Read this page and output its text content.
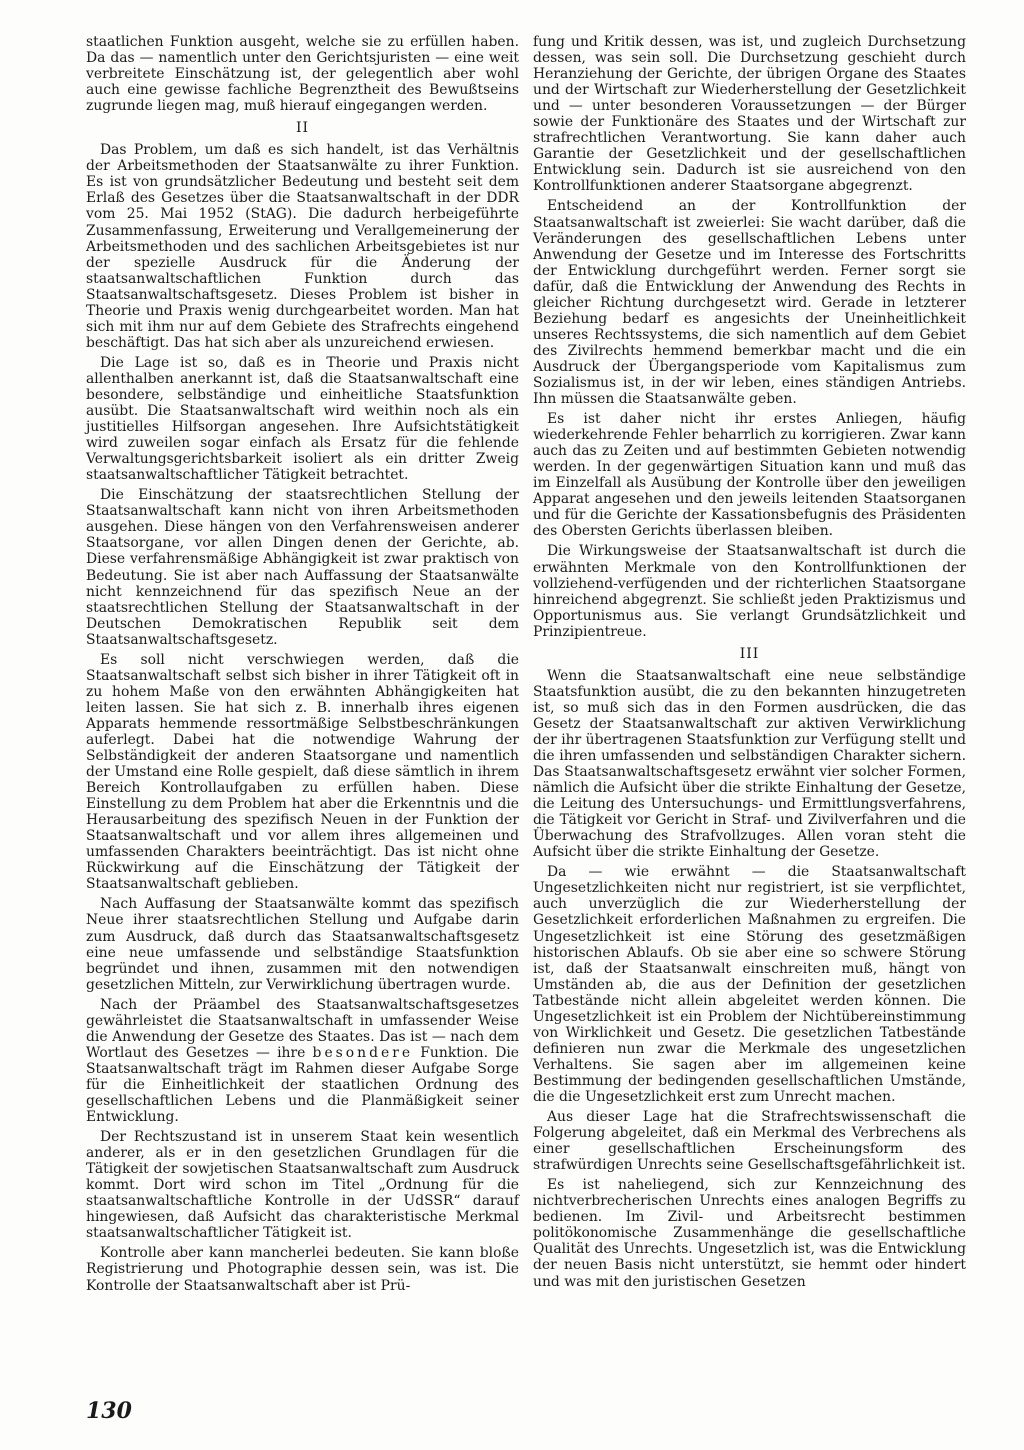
staatlichen Funktion ausgeht, welche sie zu erfüllen haben. Da das — namentlich unter den Gerichtsjuristen — eine weit verbreitete Einschätzung ist, der gelegentlich aber wohl auch eine gewisse fachliche Begrenztheit des Bewußtseins zugrunde liegen mag, muß hierauf eingegangen werden.

II

Das Problem, um daß es sich handelt, ist das Verhältnis der Arbeitsmethoden der Staatsanwälte zu ihrer Funktion. Es ist von grundsätzlicher Bedeutung und besteht seit dem Erlaß des Gesetzes über die Staatsanwaltschaft in der DDR vom 25. Mai 1952 (StAG). Die dadurch herbeigeführte Zusammenfassung, Erweiterung und Verallgemeinerung der Arbeitsmethoden und des sachlichen Arbeitsgebietes ist nur der spezielle Ausdruck für die Änderung der staatsanwaltschaftlichen Funktion durch das Staatsanwaltschaftsgesetz. Dieses Problem ist bisher in Theorie und Praxis wenig durchgearbeitet worden. Man hat sich mit ihm nur auf dem Gebiete des Strafrechts eingehend beschäftigt. Das hat sich aber als unzureichend erwiesen.

Die Lage ist so, daß es in Theorie und Praxis nicht allenthalben anerkannt ist, daß die Staatsanwaltschaft eine besondere, selbständige und einheitliche Staatsfunktion ausübt. Die Staatsanwaltschaft wird weithin noch als ein justitielles Hilfsorgan angesehen. Ihre Aufsichtstätigkeit wird zuweilen sogar einfach als Ersatz für die fehlende Verwaltungsgerichtsbarkeit isoliert als ein dritter Zweig staatsanwaltschaftlicher Tätigkeit betrachtet.

Die Einschätzung der staatsrechtlichen Stellung der Staatsanwaltschaft kann nicht von ihren Arbeitsmethoden ausgehen. Diese hängen von den Verfahrensweisen anderer Staatsorgane, vor allen Dingen denen der Gerichte, ab. Diese verfahrensmäßige Abhängigkeit ist zwar praktisch von Bedeutung. Sie ist aber nach Auffassung der Staatsanwälte nicht kennzeichnend für das spezifisch Neue an der staatsrechtlichen Stellung der Staatsanwaltschaft in der Deutschen Demokratischen Republik seit dem Staatsanwaltschaftsgesetz.

Es soll nicht verschwiegen werden, daß die Staatsanwaltschaft selbst sich bisher in ihrer Tätigkeit oft in zu hohem Maße von den erwähnten Abhängigkeiten hat leiten lassen. Sie hat sich z. B. innerhalb ihres eigenen Apparats hemmende ressortmäßige Selbstbeschränkungen auferlegt. Dabei hat die notwendige Wahrung der Selbständigkeit der anderen Staatsorgane und namentlich der Umstand eine Rolle gespielt, daß diese sämtlich in ihrem Bereich Kontrollaufgaben zu erfüllen haben. Diese Einstellung zu dem Problem hat aber die Erkenntnis und die Herausarbeitung des spezifisch Neuen in der Funktion der Staatsanwaltschaft und vor allem ihres allgemeinen und umfassenden Charakters beeinträchtigt. Das ist nicht ohne Rückwirkung auf die Einschätzung der Tätigkeit der Staatsanwaltschaft geblieben.

Nach Auffasung der Staatsanwälte kommt das spezifisch Neue ihrer staatsrechtlichen Stellung und Aufgabe darin zum Ausdruck, daß durch das Staatsanwaltschaftsgesetz eine neue umfassende und selbständige Staatsfunktion begründet und ihnen, zusammen mit den notwendigen gesetzlichen Mitteln, zur Verwirklichung übertragen wurde.

Nach der Präambel des Staatsanwaltschaftsgesetzes gewährleistet die Staatsanwaltschaft in umfassender Weise die Anwendung der Gesetze des Staates. Das ist — nach dem Wortlaut des Gesetzes — ihre besondere Funktion. Die Staatsanwaltschaft trägt im Rahmen dieser Aufgabe Sorge für die Einheitlichkeit der staatlichen Ordnung des gesellschaftlichen Lebens und die Planmäßigkeit seiner Entwicklung.

Der Rechtszustand ist in unserem Staat kein wesentlich anderer, als er in den gesetzlichen Grundlagen für die Tätigkeit der sowjetischen Staatsanwaltschaft zum Ausdruck kommt. Dort wird schon im Titel „Ordnung für die staatsanwaltschaftliche Kontrolle in der UdSSR“ darauf hingewiesen, daß Aufsicht das charakteristische Merkmal staatsanwaltschaftlicher Tätigkeit ist.

Kontrolle aber kann mancherlei bedeuten. Sie kann bloße Registrierung und Photographie dessen sein, was ist. Die Kontrolle der Staatsanwaltschaft aber ist Prü-

fung und Kritik dessen, was ist, und zugleich Durchsetzung dessen, was sein soll. Die Durchsetzung geschieht durch Heranziehung der Gerichte, der übrigen Organe des Staates und der Wirtschaft zur Wiederherstellung der Gesetzlichkeit und — unter besonderen Voraussetzungen — der Bürger sowie der Funktionäre des Staates und der Wirtschaft zur strafrechtlichen Verantwortung. Sie kann daher auch Garantie der Gesetzlichkeit und der gesellschaftlichen Entwicklung sein. Dadurch ist sie ausreichend von den Kontrollfunktionen anderer Staatsorgane abgegrenzt.

Entscheidend an der Kontrollfunktion der Staatsanwaltschaft ist zweierlei: Sie wacht darüber, daß die Veränderungen des gesellschaftlichen Lebens unter Anwendung der Gesetze und im Interesse des Fortschritts der Entwicklung durchgeführt werden. Ferner sorgt sie dafür, daß die Entwicklung der Anwendung des Rechts in gleicher Richtung durchgesetzt wird. Gerade in letzterer Beziehung bedarf es angesichts der Uneinheitlichkeit unseres Rechtssystems, die sich namentlich auf dem Gebiet des Zivilrechts hemmend bemerkbar macht und die ein Ausdruck der Übergangsperiode vom Kapitalismus zum Sozialismus ist, in der wir leben, eines ständigen Antriebs. Ihn müssen die Staatsanwälte geben.

Es ist daher nicht ihr erstes Anliegen, häufig wiederkehrende Fehler beharrlich zu korrigieren. Zwar kann auch das zu Zeiten und auf bestimmten Gebieten notwendig werden. In der gegenwärtigen Situation kann und muß das im Einzelfall als Ausübung der Kontrolle über den jeweiligen Apparat angesehen und den jeweils leitenden Staatsorganen und für die Gerichte der Kassationsbefugnis des Präsidenten des Obersten Gerichts überlassen bleiben.

Die Wirkungsweise der Staatsanwaltschaft ist durch die erwähnten Merkmale von den Kontrollfunktionen der vollziehend-verfügenden und der richterlichen Staatsorgane hinreichend abgegrenzt. Sie schließt jeden Praktizismus und Opportunismus aus. Sie verlangt Grundsätzlichkeit und Prinzipientreue.

III

Wenn die Staatsanwaltschaft eine neue selbständige Staatsfunktion ausübt, die zu den bekannten hinzugetreten ist, so muß sich das in den Formen ausdrücken, die das Gesetz der Staatsanwaltschaft zur aktiven Verwirklichung der ihr übertragenen Staatsfunktion zur Verfügung stellt und die ihren umfassenden und selbständigen Charakter sichern. Das Staatsanwaltschaftsgesetz erwähnt vier solcher Formen, nämlich die Aufsicht über die strikte Einhaltung der Gesetze, die Leitung des Untersuchungs- und Ermittlungsverfahrens, die Tätigkeit vor Gericht in Straf- und Zivilverfahren und die Überwachung des Strafvollzuges. Allen voran steht die Aufsicht über die strikte Einhaltung der Gesetze.

Da — wie erwähnt — die Staatsanwaltschaft Ungesetzlichkeiten nicht nur registriert, ist sie verpflichtet, auch unverzüglich die zur Wiederherstellung der Gesetzlichkeit erforderlichen Maßnahmen zu ergreifen. Die Ungesetzlichkeit ist eine Störung des gesetzmäßigen historischen Ablaufs. Ob sie aber eine so schwere Störung ist, daß der Staatsanwalt einschreiten muß, hängt von Umständen ab, die aus der Definition der gesetzlichen Tatbestände nicht allein abgeleitet werden können. Die Ungesetzlichkeit ist ein Problem der Nichtübereinstimmung von Wirklichkeit und Gesetz. Die gesetzlichen Tatbestände definieren nun zwar die Merkmale des ungesetzlichen Verhaltens. Sie sagen aber im allgemeinen keine Bestimmung der bedingenden gesellschaftlichen Umstände, die die Ungesetzlichkeit erst zum Unrecht machen.

Aus dieser Lage hat die Strafrechtswissenschaft die Folgerung abgeleitet, daß ein Merkmal des Verbrechens als einer gesellschaftlichen Erscheinungsform des strafwürdigen Unrechts seine Gesellschaftsgefährlichkeit ist.

Es ist naheliegend, sich zur Kennzeichnung des nichtverbrecherischen Unrechts eines analogen Begriffs zu bedienen. Im Zivil- und Arbeitsrecht bestimmen politökonomische Zusammenhänge die gesellschaftliche Qualität des Unrechts. Ungesetzlich ist, was die Entwicklung der neuen Basis nicht unterstützt, sie hemmt oder hindert und was mit den juristischen Gesetzen

130
